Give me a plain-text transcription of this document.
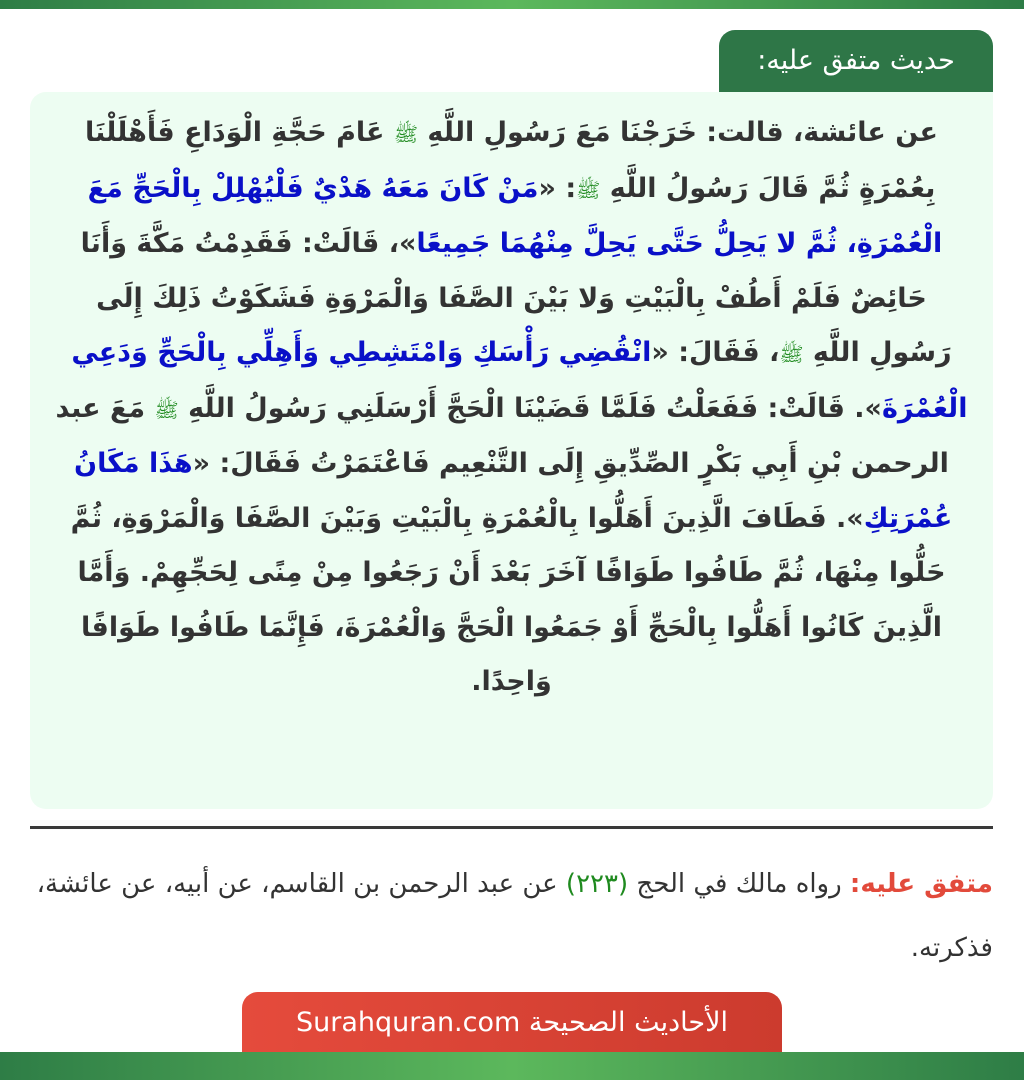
حديث متفق عليه:

عن عائشة، قالت: خَرَجْنَا مَعَ رَسُولِ اللَّهِ ﷺ عَامَ حَجَّةِ الْوَدَاعِ فَأَهْلَلْنَا بِعُمْرَةٍ ثُمَّ قَالَ رَسُولُ اللَّهِ ﷺ: «مَنْ كَانَ مَعَهُ هَدْيٌ فَلْيُهْلِلْ بِالْحَجِّ مَعَ الْعُمْرَةِ، ثُمَّ لا يَحِلُّ حَتَّى يَحِلَّ مِنْهُمَا جَمِيعًا»، قَالَتْ: فَقَدِمْتُ مَكَّةَ وَأَنَا حَائِضٌ فَلَمْ أَطُفْ بِالْبَيْتِ وَلا بَيْنَ الصَّفَا وَالْمَرْوَةِ فَشَكَوْتُ ذَلِكَ إِلَى رَسُولِ اللَّهِ ﷺ، فَقَالَ: «انْقُضِي رَأْسَكِ وَامْتَشِطِي وَأَهِلِّي بِالْحَجِّ وَدَعِي الْعُمْرَةَ». قَالَتْ: فَفَعَلْتُ فَلَمَّا قَضَيْنَا الْحَجَّ أَرْسَلَنِي رَسُولُ اللَّهِ ﷺ مَعَ عبد الرحمن بْنِ أَبِي بَكْرٍ الصِّدِّيقِ إِلَى التَّنْعِيم فَاعْتَمَرْتُ فَقَالَ: «هَذَا مَكَانُ عُمْرَتِكِ». فَطَافَ الَّذِينَ أَهَلُّوا بِالْعُمْرَةِ بِالْبَيْتِ وَبَيْنَ الصَّفَا وَالْمَرْوَةِ، ثُمَّ حَلُّوا مِنْهَا، ثُمَّ طَافُوا طَوَافًا آخَرَ بَعْدَ أَنْ رَجَعُوا مِنْ مِنًى لِحَجِّهِمْ. وَأَمَّا الَّذِينَ كَانُوا أَهَلُّوا بِالْحَجِّ أَوْ جَمَعُوا الْحَجَّ وَالْعُمْرَةَ، فَإِنَّمَا طَافُوا طَوَافًا وَاحِدًا.

متفق عليه: رواه مالك في الحج (٢٢٣) عن عبد الرحمن بن القاسم، عن أبيه، عن عائشة، فذكرته.

الأحاديث الصحيحة Surahquran.com
